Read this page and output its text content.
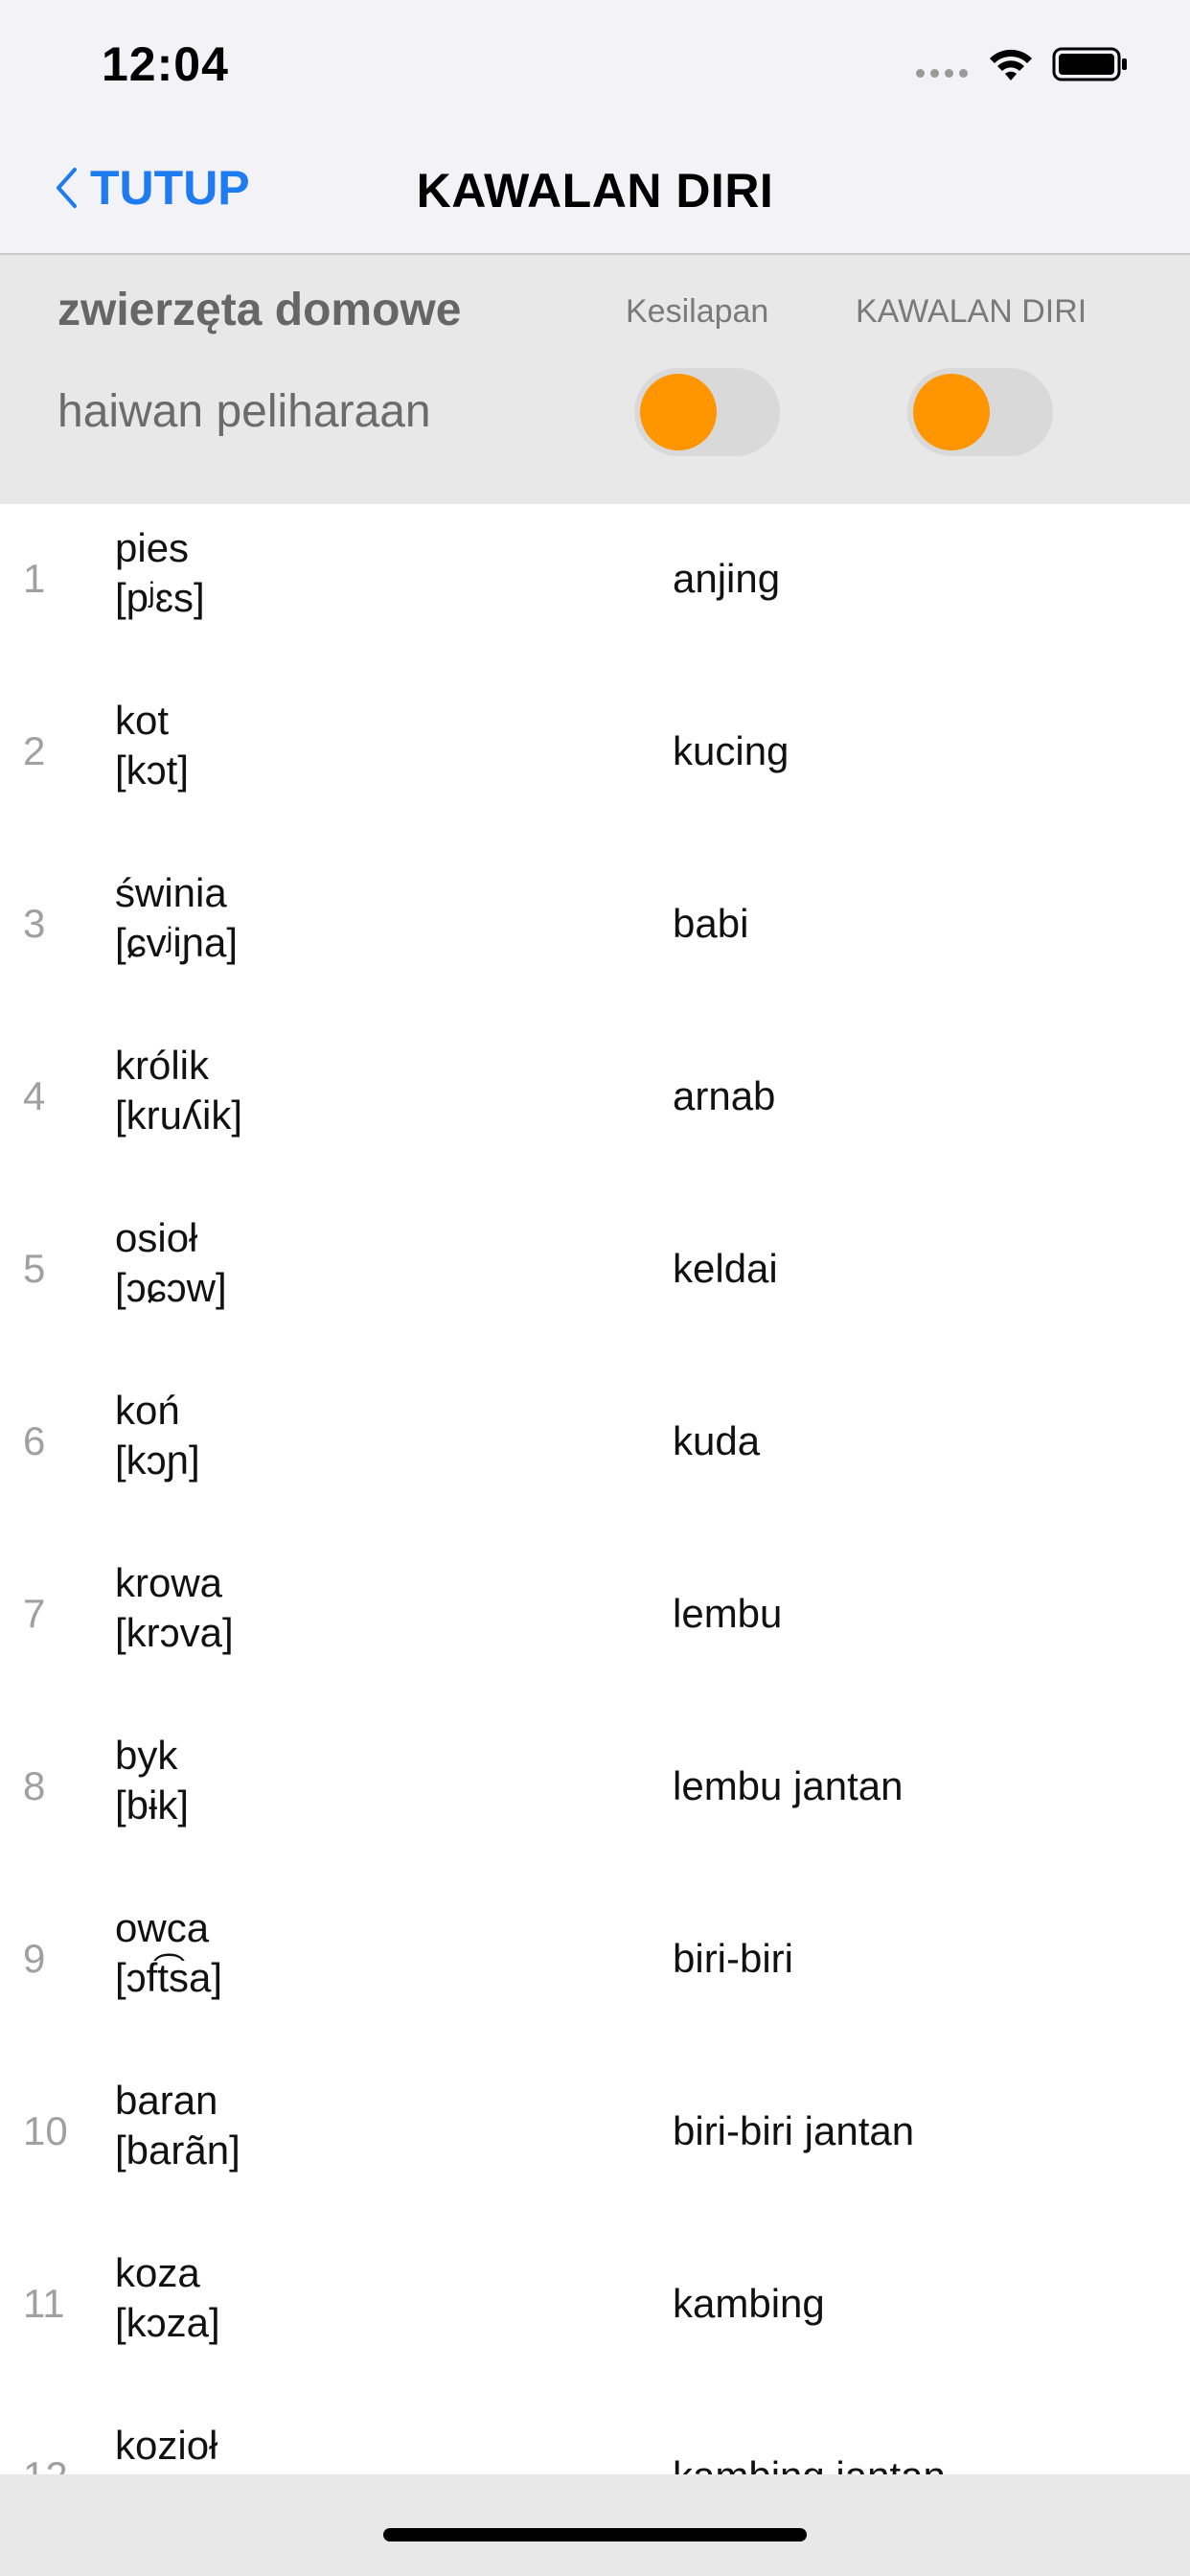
12:04
TUTUP	KAWALAN DIRI
zwierzęta domowe
haiwan peliharaan
Kesilapan	KAWALAN DIRI
1
pies
[pʲɛs]	anjing
2
kot
[kɔt]	kucing
3
świnia
[ɕvʲiɲa]	babi
4
królik
[kruʎik]	arnab
5
osioł
[ɔɕɔw]	keldai
6
koń
[kɔɲ]	kuda
7
krowa
[krɔva]	lembu
8
byk
[bɨk]	lembu jantan
9
owca
[ɔft͡sa]	biri-biri
10
baran
[barãn]	biri-biri jantan
11
koza
[kɔza]	kambing
kozioł
